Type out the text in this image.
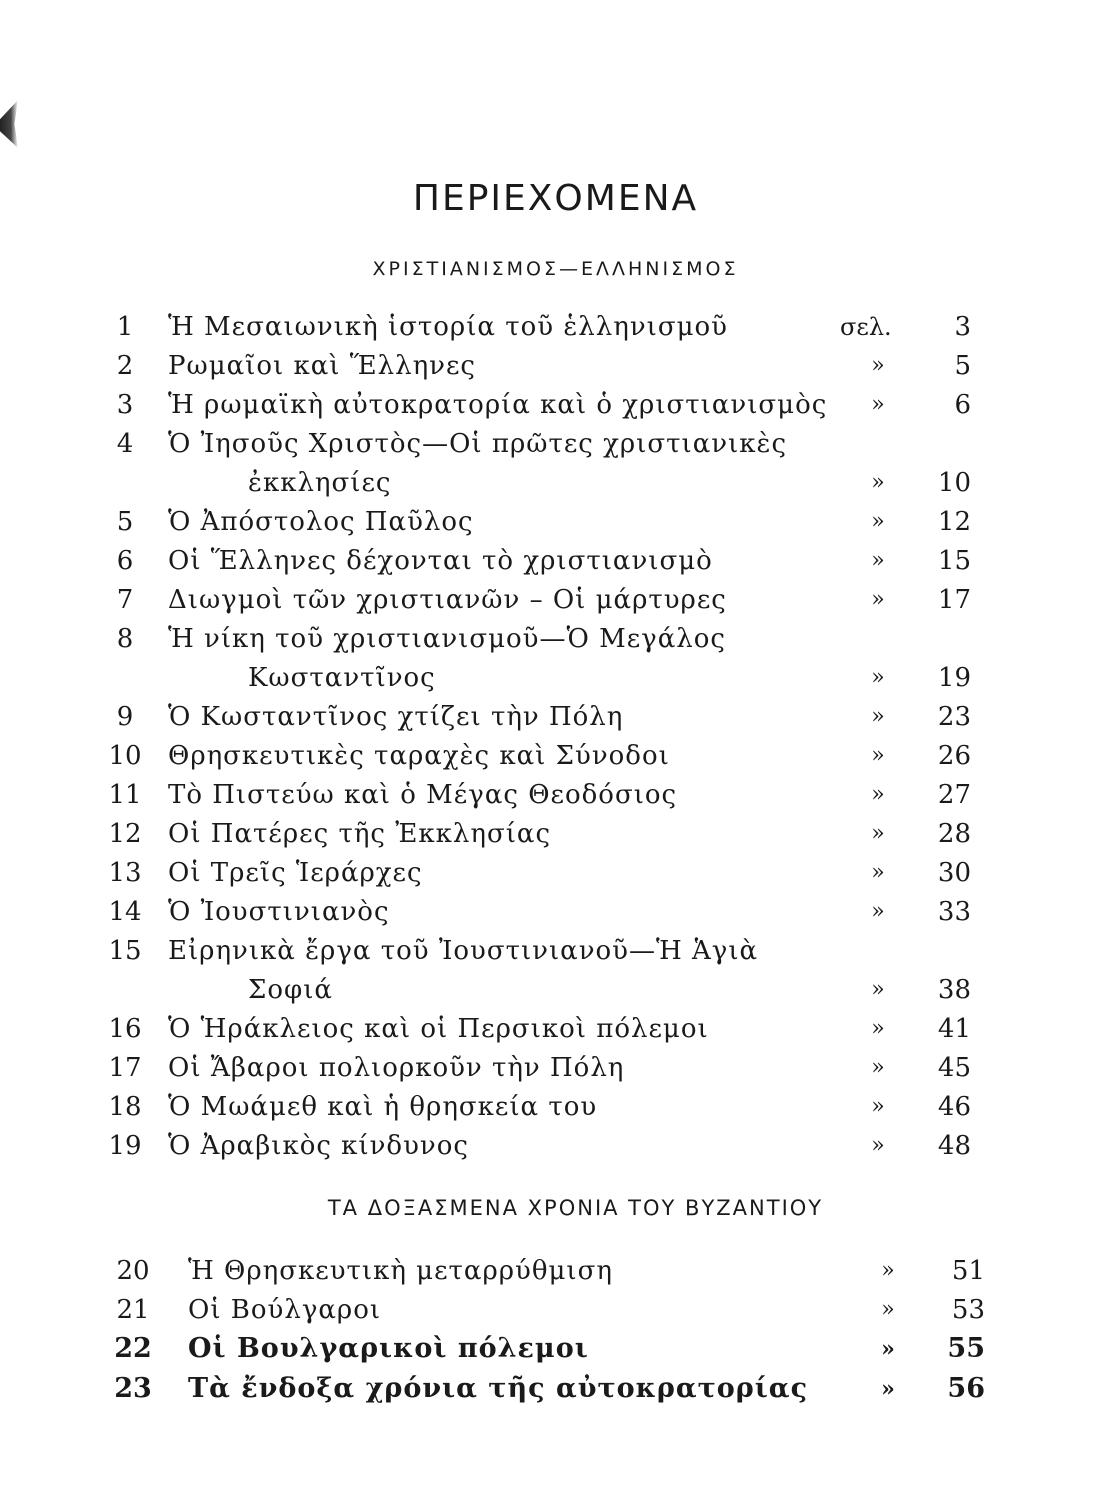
ΠΕΡΙΕΧΟΜΕΝΑ
ΧΡΙΣΤΙΑΝΙΣΜΟΣ—ΕΛΛΗΝΙΣΜΟΣ
1	Ἡ Μεσαιωνικὴ ἱστορία τοῦ ἑλληνισμοῦ	σελ.	3
2	Ρωμαῖοι καὶ Ἕλληνες	»	5
3	Ἡ ρωμαϊκὴ αὐτοκρατορία καὶ ὁ χριστιανισμὸς	»	6
4	Ὁ Ἰησοῦς Χριστὸς—Οἱ πρῶτες χριστιανικὲς
ἐκκλησίες	»	10
5	Ὁ Ἀπόστολος Παῦλος	»	12
6	Οἱ Ἕλληνες δέχονται τὸ χριστιανισμὸ	»	15
7	Διωγμοὶ τῶν χριστιανῶν – Οἱ μάρτυρες	»	17
8	Ἡ νίκη τοῦ χριστιανισμοῦ—Ὁ Μεγάλος
Κωσταντῖνος	»	19
9	Ὁ Κωσταντῖνος χτίζει τὴν Πόλη	»	23
10	Θρησκευτικὲς ταραχὲς καὶ Σύνοδοι	»	26
11	Τὸ Πιστεύω καὶ ὁ Μέγας Θεοδόσιος	»	27
12	Οἱ Πατέρες τῆς Ἐκκλησίας	»	28
13	Οἱ Τρεῖς Ἱεράρχες	»	30
14	Ὁ Ἰουστινιανὸς	»	33
15	Εἰρηνικὰ ἔργα τοῦ Ἰουστινιανοῦ—Ἡ Ἁγιὰ
Σοφιά	»	38
16	Ὁ Ἡράκλειος καὶ οἱ Περσικοὶ πόλεμοι	»	41
17	Οἱ Ἄβαροι πολιορκοῦν τὴν Πόλη	»	45
18	Ὁ Μωάμεθ καὶ ἡ θρησκεία του	»	46
19	Ὁ Ἀραβικὸς κίνδυνος	»	48
ΤΑ ΔΟΞΑΣΜΕΝΑ ΧΡΟΝΙΑ ΤΟΥ ΒΥΖΑΝΤΙΟΥ
20	Ἡ Θρησκευτικὴ μεταρρύθμιση	»	51
21	Οἱ Βούλγαροι	»	53
22 Οἱ Βουλγαρικοὶ πόλεμοι	»	55
23 Τὰ ἔνδοξα χρόνια τῆς αὐτοκρατορίας	»	56
